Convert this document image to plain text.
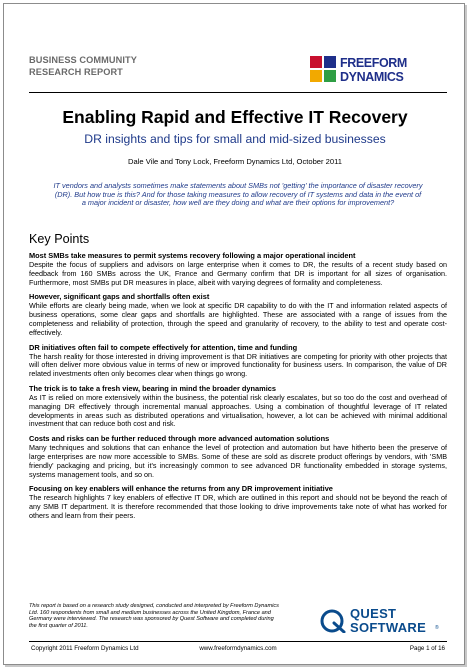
BUSINESS COMMUNITY
RESEARCH REPORT
FREEFORM
DYNAMICS
Enabling Rapid and Effective IT Recovery
DR insights and tips for small and mid-sized businesses
Dale Vile and Tony Lock, Freeform Dynamics Ltd, October 2011
IT vendors and analysts sometimes make statements about SMBs not 'getting' the importance of disaster recovery (DR). But how true is this? And for those taking measures to allow recovery of IT systems and data in the event of a major incident or disaster, how well are they doing and what are their options for improvement?
Key Points
Most SMBs take measures to permit systems recovery following a major operational incident
Despite the focus of suppliers and advisors on large enterprise when it comes to DR, the results of a recent study based on feedback from 160 SMBs across the UK, France and Germany confirm that DR is important for all sizes of organisation. Furthermore, most SMBs put DR measures in place, albeit with varying degrees of formality and completeness.
However, significant gaps and shortfalls often exist
While efforts are clearly being made, when we look at specific DR capability to do with the IT and information related aspects of business operations, some clear gaps and shortfalls are highlighted. These are associated with a range of issues from the completeness and reliability of protection, through the speed and granularity of recovery, to the ability to test and operate cost-effectively.
DR initiatives often fail to compete effectively for attention, time and funding
The harsh reality for those interested in driving improvement is that DR initiatives are competing for priority with other projects that will often deliver more obvious value in terms of new or improved functionality for business users. In comparison, the value of DR related investments often only becomes clear when things go wrong.
The trick is to take a fresh view, bearing in mind the broader dynamics
As IT is relied on more extensively within the business, the potential risk clearly escalates, but so too do the cost and overhead of managing DR effectively through incremental manual approaches. Using a combination of thoughtful leverage of IT related developments in areas such as distributed operations and virtualisation, however, a lot can be achieved with minimal additional investment that can reduce both cost and risk.
Costs and risks can be further reduced through more advanced automation solutions
Many techniques and solutions that can enhance the level of protection and automation but have hitherto been the preserve of large enterprises are now more accessible to SMBs. Some of these are sold as discrete product offerings by vendors, with 'SMB friendly' packaging and pricing, but it's increasingly common to see advanced DR functionality embedded in storage systems, systems management tools, and so on.
Focusing on key enablers will enhance the returns from any DR improvement initiative
The research highlights 7 key enablers of effective IT DR, which are outlined in this report and should not be beyond the reach of any SMB IT department. It is therefore recommended that those looking to drive improvements take note of what has worked for others and learn from their peers.
This report is based on a research study designed, conducted and interpreted by Freeform Dynamics Ltd. 160 respondents from small and medium businesses across the United Kingdom, France and Germany were interviewed. The research was sponsored by Quest Software and completed during the first quarter of 2011.
QUEST
SOFTWARE ®
Copyright 2011 Freeform Dynamics Ltd	www.freeformdynamics.com	Page 1 of 16
